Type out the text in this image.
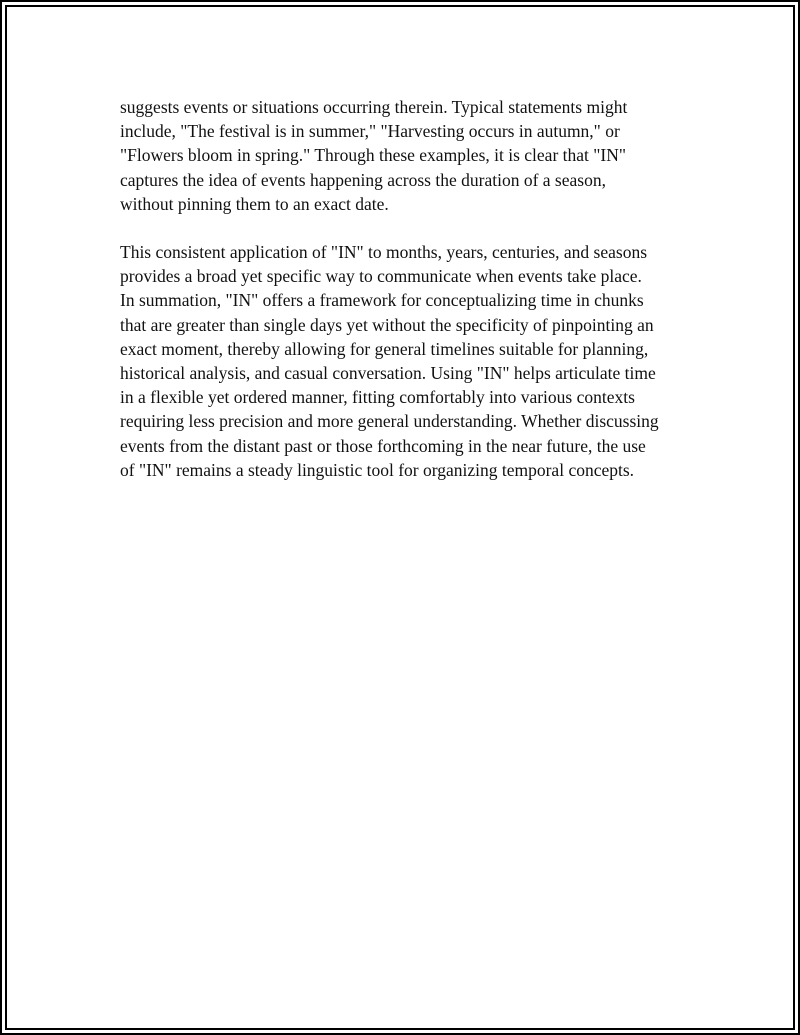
suggests events or situations occurring therein. Typical statements might
include, "The festival is in summer," "Harvesting occurs in autumn," or
"Flowers bloom in spring." Through these examples, it is clear that "IN"
captures the idea of events happening across the duration of a season,
without pinning them to an exact date.

This consistent application of "IN" to months, years, centuries, and seasons
provides a broad yet specific way to communicate when events take place.
In summation, "IN" offers a framework for conceptualizing time in chunks
that are greater than single days yet without the specificity of pinpointing an
exact moment, thereby allowing for general timelines suitable for planning,
historical analysis, and casual conversation. Using "IN" helps articulate time
in a flexible yet ordered manner, fitting comfortably into various contexts
requiring less precision and more general understanding. Whether discussing
events from the distant past or those forthcoming in the near future, the use
of "IN" remains a steady linguistic tool for organizing temporal concepts.
